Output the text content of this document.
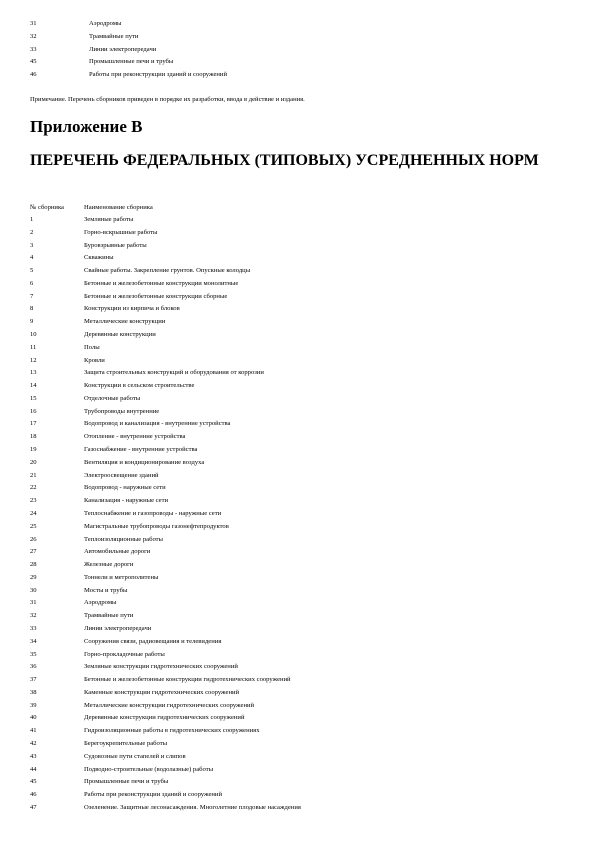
31	Аэродромы
32	Трамвайные пути
33	Линии электропередачи
45	Промышленные печи и трубы
46	Работы при реконструкции зданий и сооружений
Примечание. Перечень сборников приведен в порядке их разработки, ввода в действие и издания.
Приложение В
ПЕРЕЧЕНЬ ФЕДЕРАЛЬНЫХ (ТИПОВЫХ) УСРЕДНЕННЫХ НОРМ
№ сборника	Наименование сборника
1	Земляные работы
2	Горно-вскрышные работы
3	Буровзрывные работы
4	Скважины
5	Свайные работы. Закрепление грунтов. Опускные колодцы
6	Бетонные и железобетонные конструкции монолитные
7	Бетонные и железобетонные конструкции сборные
8	Конструкции из кирпича и блоков
9	Металлические конструкции
10	Деревянные конструкции
11	Полы
12	Кровли
13	Защита строительных конструкций и оборудования от коррозии
14	Конструкции в сельском строительстве
15	Отделочные работы
16	Трубопроводы внутренние
17	Водопровод и канализация - внутренние устройства
18	Отопление - внутренние устройства
19	Газоснабжение - внутренние устройства
20	Вентиляция и кондиционирование воздуха
21	Электроосвещение зданий
22	Водопровод - наружные сети
23	Канализация - наружные сети
24	Теплоснабжение и газопроводы - наружные сети
25	Магистральные трубопроводы газонефтепродуктов
26	Теплоизоляционные работы
27	Автомобильные дороги
28	Железные дороги
29	Тоннели и метрополитены
30	Мосты и трубы
31	Аэродромы
32	Трамвайные пути
33	Линии электропередачи
34	Сооружения связи, радиовещания и телевидения
35	Горно-прокладочные работы
36	Земляные конструкции гидротехнических сооружений
37	Бетонные и железобетонные конструкции гидротехнических сооружений
38	Каменные конструкции гидротехнических сооружений
39	Металлические конструкции гидротехнических сооружений
40	Деревянные конструкции гидротехнических сооружений
41	Гидроизоляционные работы в гидротехнических сооружениях
42	Берегоукрепительные работы
43	Судовозные пути стапелей и слипов
44	Подводно-строительные (водолазные) работы
45	Промышленные печи и трубы
46	Работы при реконструкции зданий и сооружений
47	Озеленение. Защитные лесонасаждения. Многолетние плодовые насаждения
